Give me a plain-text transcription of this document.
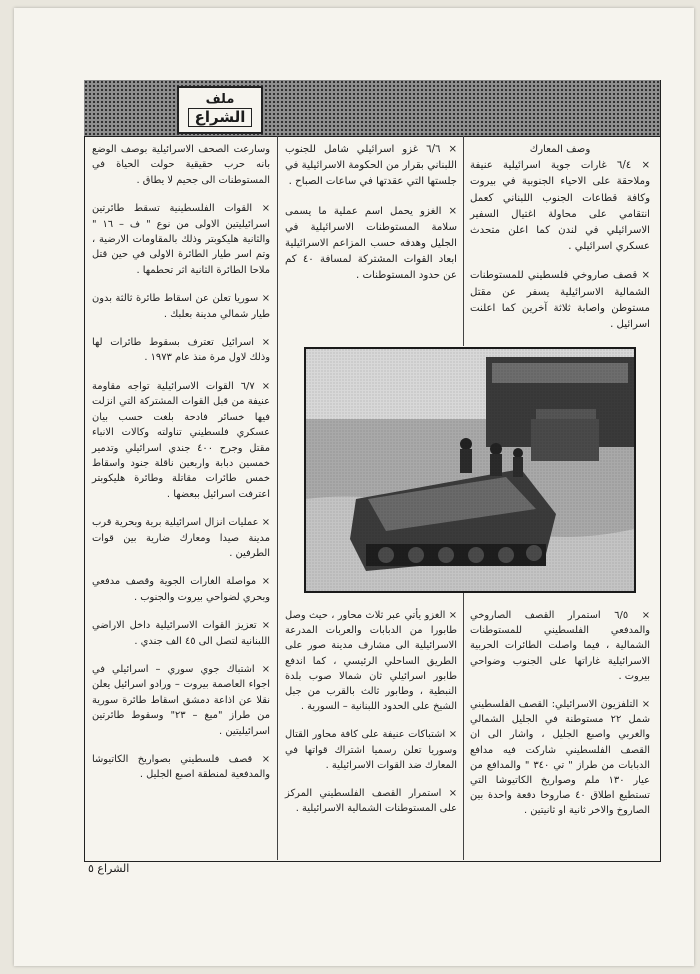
ملف
الشراع
وصف المعارك
× ٦/٤ غارات جوية اسرائيلية عنيفة وملاحقة على الاحياء الجنوبية في بيروت وكافة قطاعات الجنوب اللبناني كعمل انتقامي على محاولة اغتيال السفير الاسرائيلي في لندن كما اعلن متحدث عسكري اسرائيلي .
× قصف صاروخي فلسطيني للمستوطنات الشمالية الاسرائيلية يسفر عن مقتل مستوطن واصابة ثلاثة آخرين كما اعلنت اسرائيل .
× ٦/٦ غزو اسرائيلي شامل للجنوب اللبناني بقرار من الحكومة الاسرائيلية في جلستها التي عقدتها في ساعات الصباح .
× الغزو يحمل اسم عملية ما يسمى سلامة المستوطنات الاسرائيلية في الجليل وهدفه حسب المزاعم الاسرائيلية ابعاد القوات المشتركة لمسافة ٤٠ كم عن حدود المستوطنات .
وسارعت الصحف الاسرائيلية بوصف الوضع بانه حرب حقيقية حولت الحياة في المستوطنات الى جحيم لا يطاق .
× القوات الفلسطينية تسقط طائرتين اسرائيليتين الاولى من نوع " ف – ١٦ " والثانية هليكوبتر وذلك بالمقاومات الارضية ، وتم اسر طيار الطائرة الاولى في حين قتل ملاحا الطائرة الثانية اثر تحطمها .
× سوريا تعلن عن اسقاط طائرة ثالثة بدون طيار شمالي مدينة بعلبك .
× اسرائيل تعترف بسقوط طائرات لها وذلك لاول مرة منذ عام ١٩٧٣ .
× ٦/٧ القوات الاسرائيلية تواجه مقاومة عنيفة من قبل القوات المشتركة التي انزلت فيها خسائر فادحة بلغت حسب بيان عسكري فلسطيني تناولته وكالات الانباء مقتل وجرح ٤٠٠ جندي اسرائيلي وتدمير خمسين دبابة واربعين ناقلة جنود واسقاط خمس طائرات مقاتلة وطائرة هليكوبتر اعترفت اسرائيل ببعضها .
× عمليات انزال اسرائيلية برية وبحرية قرب مدينة صيدا ومعارك ضارية بين قوات الطرفين .
× مواصلة الغارات الجوية وقصف مدفعي وبحري لضواحي بيروت والجنوب .
× تعزيز القوات الاسرائيلية داخل الاراضي اللبنانية لتصل الى ٤٥ الف جندي .
× اشتباك جوي سوري – اسرائيلي في اجواء العاصمة بيروت – ورادو اسرائيل يعلن نقلا عن اذاعة دمشق اسقاط طائرة سورية من طراز "ميغ – ٢٣" وسقوط طائرتين اسرائيليتين .
× قصف فلسطيني بصواريخ الكاتيوشا والمدفعية لمنطقة اصبع الجليل .
× ٦/٥ استمرار القصف الصاروخي والمدفعي الفلسطيني للمستوطنات الشمالية ، فيما واصلت الطائرات الحربية الاسرائيلية غاراتها على الجنوب وضواحي بيروت .
× التلفزيون الاسرائيلي: القصف الفلسطيني شمل ٢٢ مستوطنة في الجليل الشمالي والغربي واصبع الجليل ، واشار الى ان القصف الفلسطيني شاركت فيه مدافع الدبابات من طراز " تي ٣٤٠ " والمدافع من عيار ١٣٠ ملم وصواريخ الكاتيوشا التي تستطيع اطلاق ٤٠ صاروخا دفعة واحدة بين الصاروخ والاخر ثانية او ثانيتين .
× الغزو يأتي عبر ثلاث محاور ، حيث وصل طابورا من الدبابات والعربات المدرعة الاسرائيلية الى مشارف مدينة صور على الطريق الساحلي الرئيسي ، كما اندفع طابور اسرائيلي ثان شمالا صوب بلدة النبطية ، وطابور ثالث بالقرب من جبل الشيخ على الحدود اللبنانية – السورية .
× اشتباكات عنيفة على كافة محاور القتال وسوريا تعلن رسميا اشتراك قواتها في المعارك ضد القوات الاسرائيلية .
× استمرار القصف الفلسطيني المركز على المستوطنات الشمالية الاسرائيلية .
الشراع ٥
